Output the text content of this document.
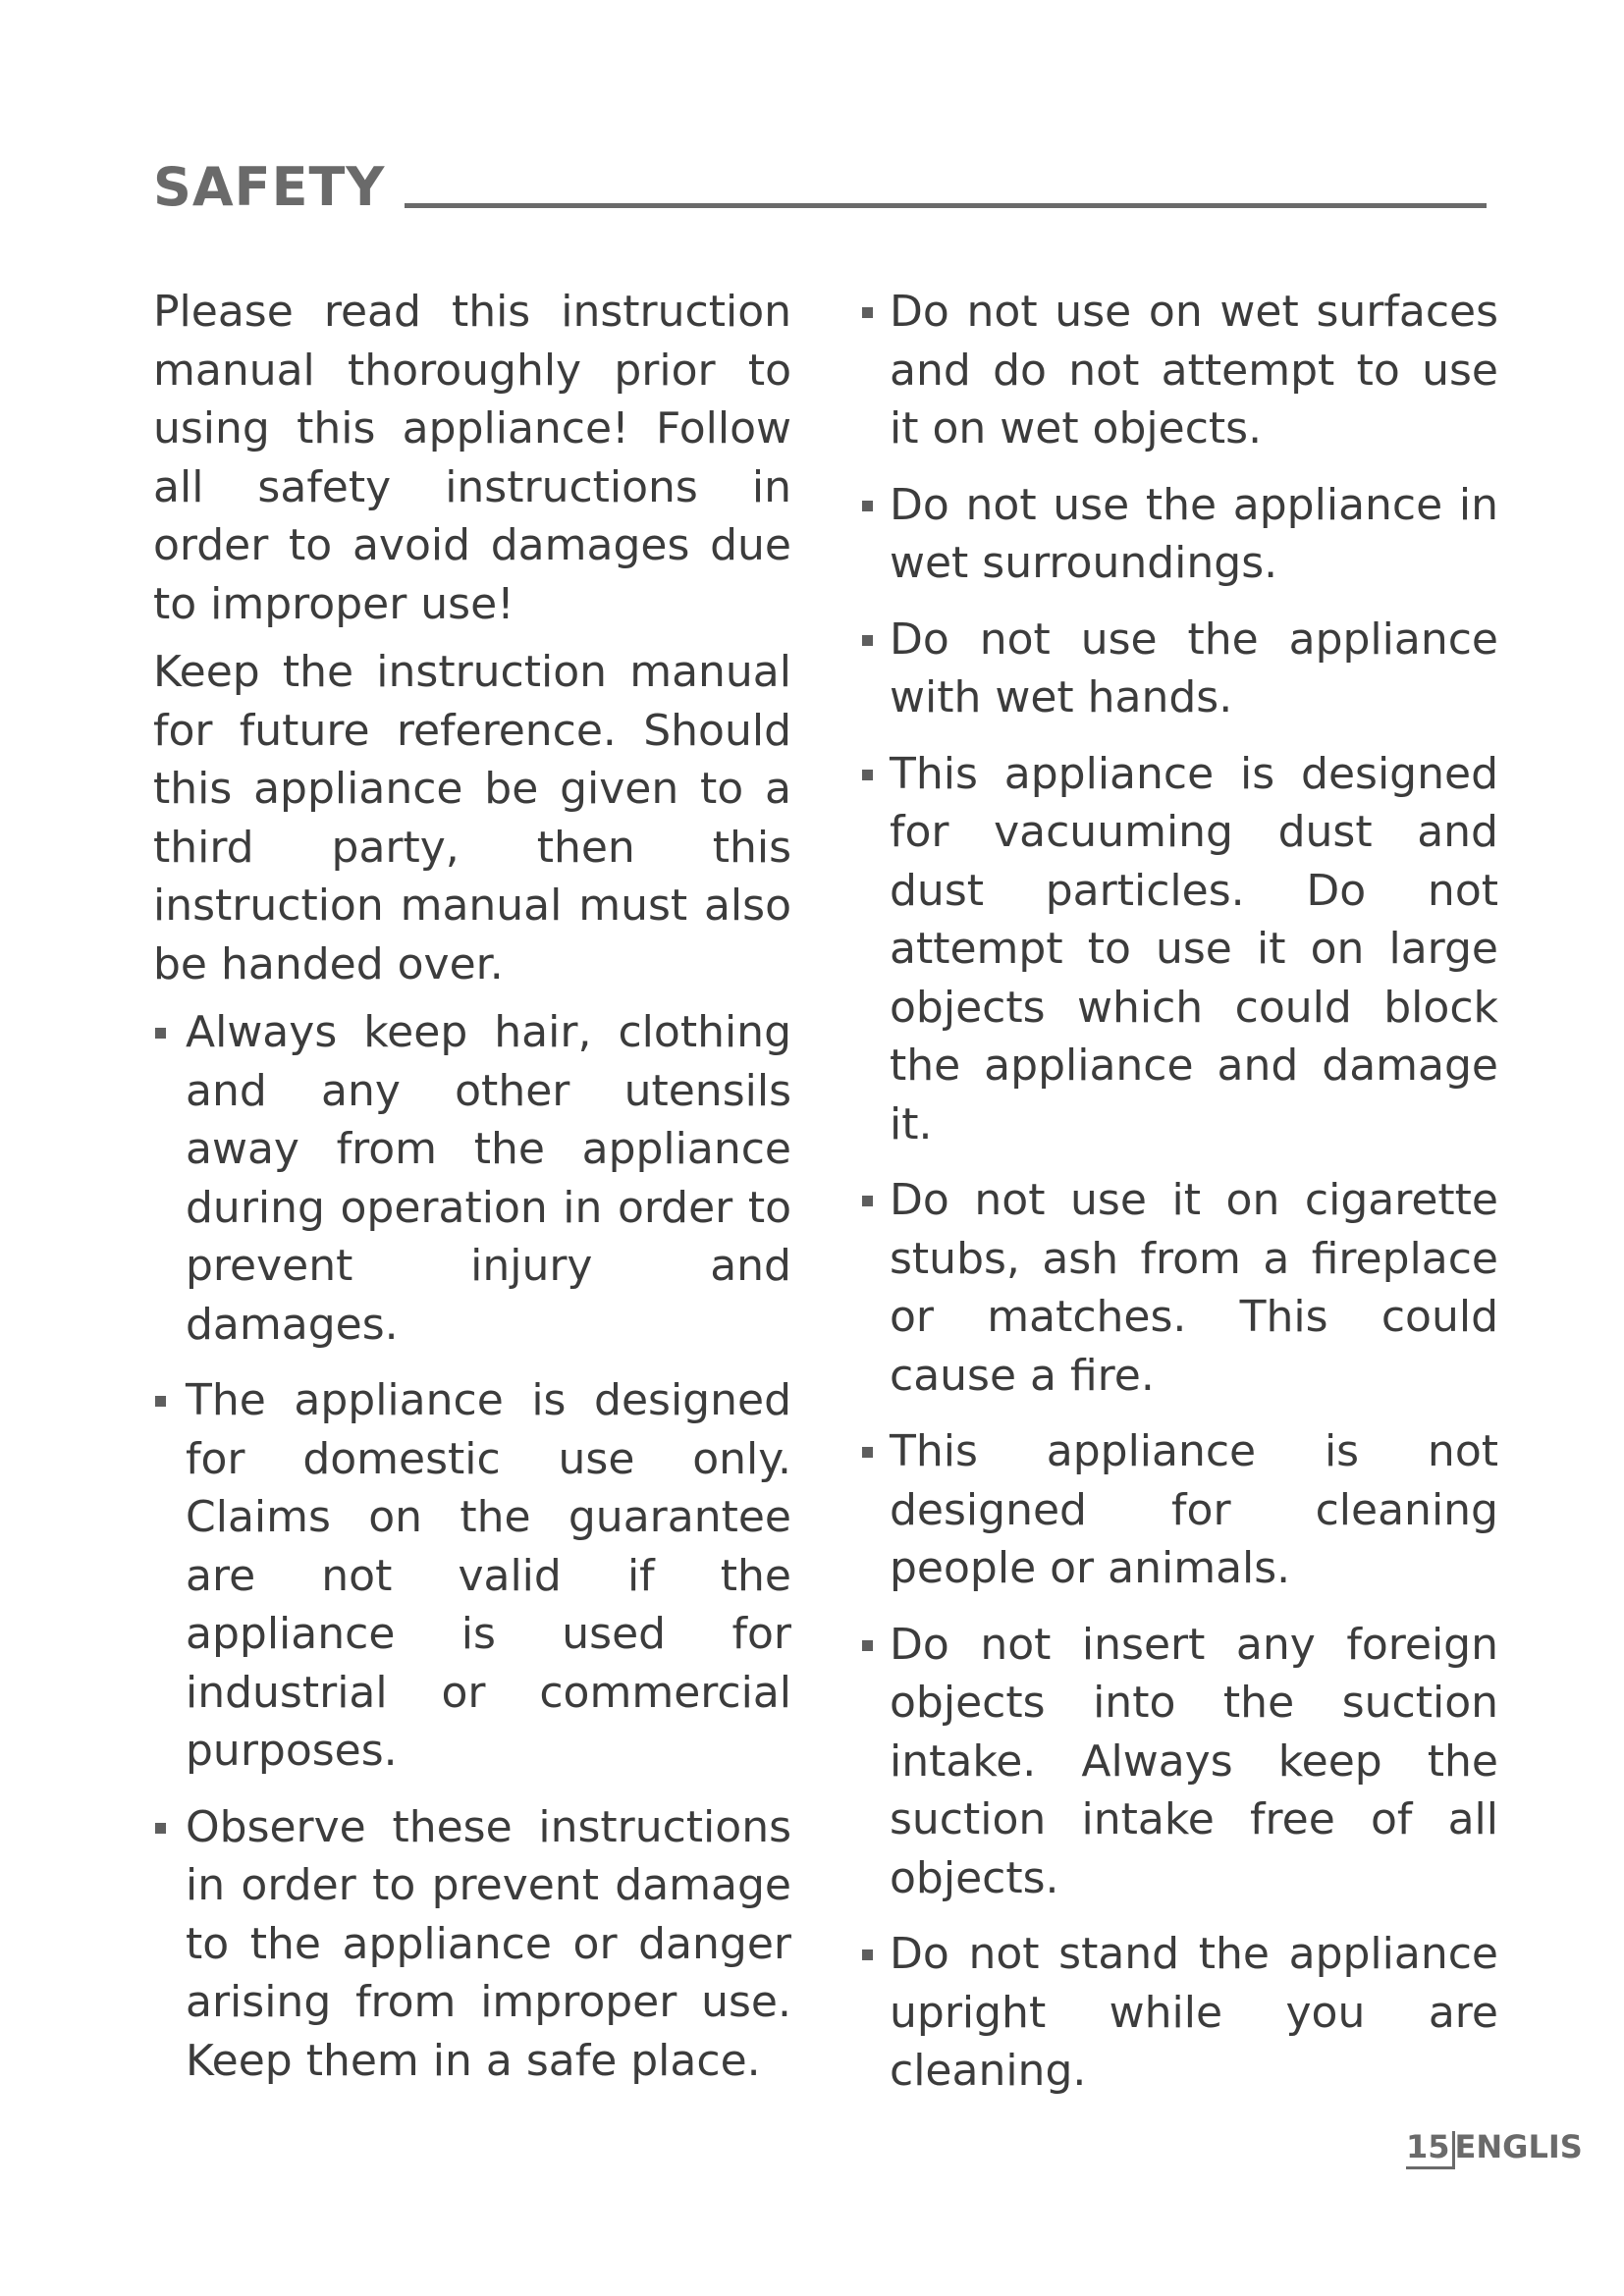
SAFETY

Please read this instruction manual thoroughly prior to using this appliance! Follow all safety instructions in order to avoid damages due to improper use!

Keep the instruction manual for future reference. Should this appliance be given to a third party, then this instruction manual must also be handed over.

Always keep hair, clothing and any other utensils away from the appliance during operation in order to prevent injury and damages.
The appliance is designed for domestic use only. Claims on the guarantee are not valid if the appliance is used for industrial or commercial purposes.
Observe these instructions in order to prevent damage to the appliance or danger arising from improper use. Keep them in a safe place.
Do not use on wet surfaces and do not attempt to use it on wet objects.
Do not use the appliance in wet surroundings.
Do not use the appliance with wet hands.
This appliance is designed for vacuuming dust and dust particles. Do not attempt to use it on large objects which could block the appliance and damage it.
Do not use it on cigarette stubs, ash from a fireplace or matches. This could cause a fire.
This appliance is not designed for cleaning people or animals.
Do not insert any foreign objects into the suction intake. Always keep the suction intake free of all objects.
Do not stand the appliance upright while you are cleaning.
15 ENGLIS
